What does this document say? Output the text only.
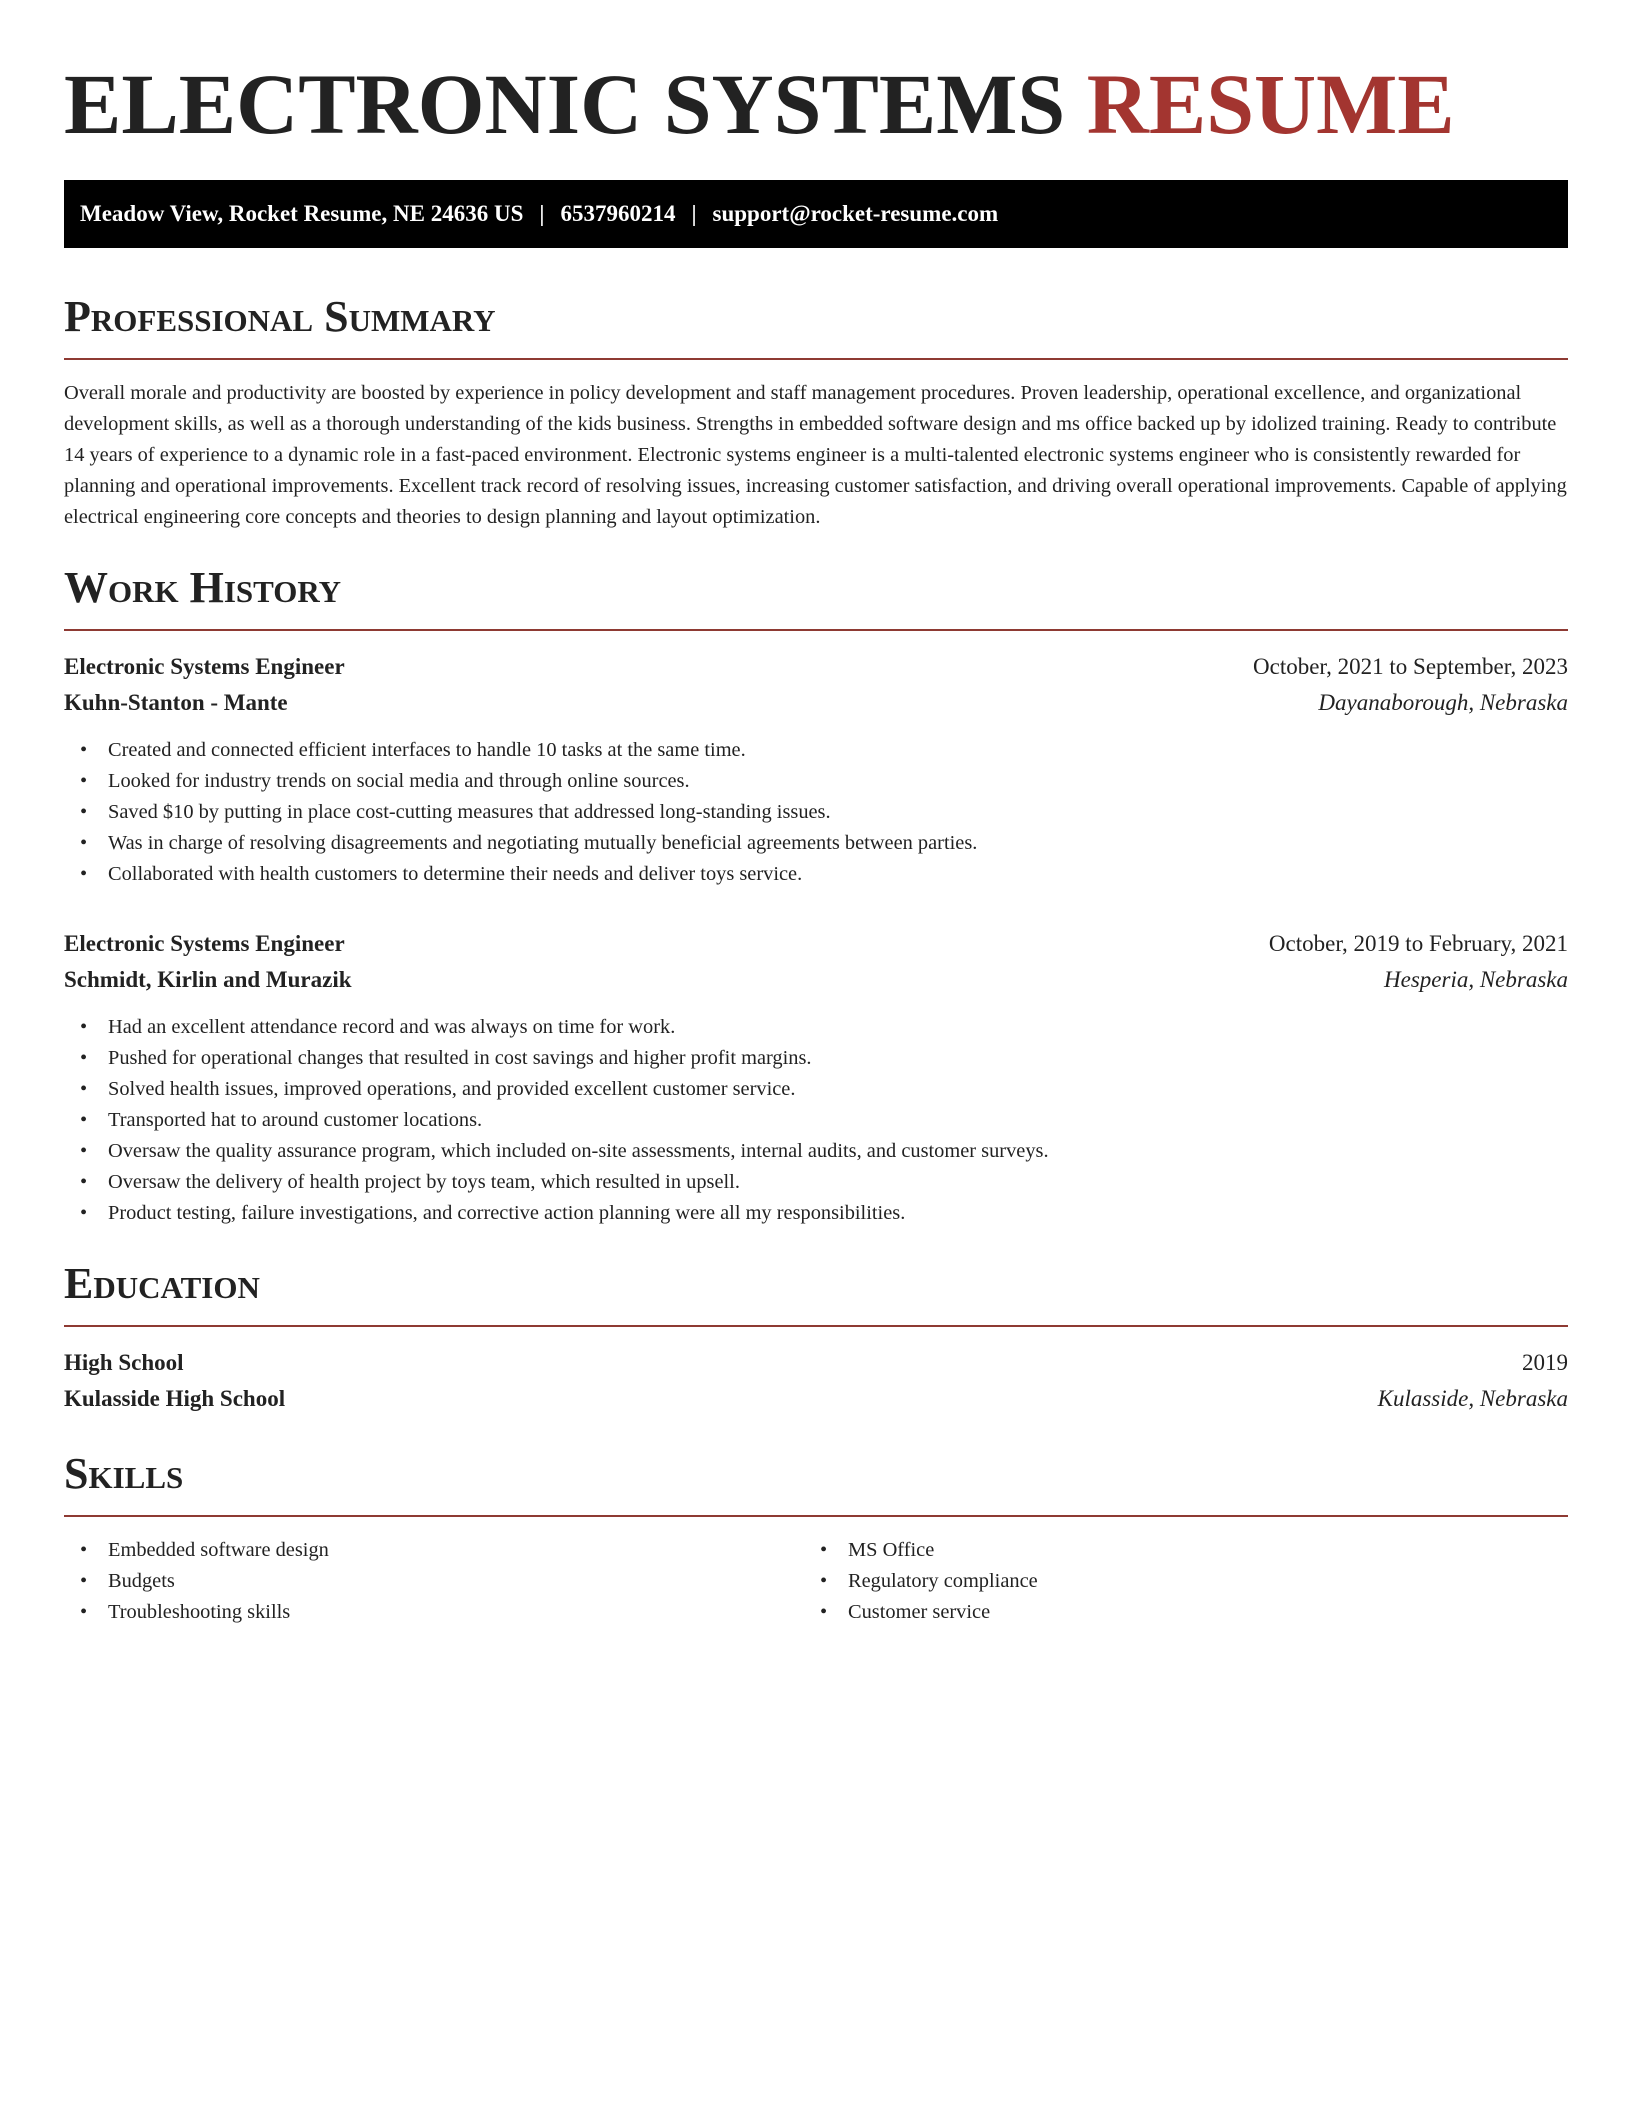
ELECTRONIC SYSTEMS RESUME
Meadow View, Rocket Resume, NE 24636 US | 6537960214 | support@rocket-resume.com
Professional Summary

Overall morale and productivity are boosted by experience in policy development and staff management procedures. Proven leadership, operational excellence, and organizational development skills, as well as a thorough understanding of the kids business. Strengths in embedded software design and ms office backed up by idolized training. Ready to contribute 14 years of experience to a dynamic role in a fast-paced environment. Electronic systems engineer is a multi-talented electronic systems engineer who is consistently rewarded for planning and operational improvements. Excellent track record of resolving issues, increasing customer satisfaction, and driving overall operational improvements. Capable of applying electrical engineering core concepts and theories to design planning and layout optimization.

Work History
Electronic Systems Engineer	October, 2021 to September, 2023
Kuhn-Stanton - Mante	Dayanaborough, Nebraska
• Created and connected efficient interfaces to handle 10 tasks at the same time.
• Looked for industry trends on social media and through online sources.
• Saved $10 by putting in place cost-cutting measures that addressed long-standing issues.
• Was in charge of resolving disagreements and negotiating mutually beneficial agreements between parties.
• Collaborated with health customers to determine their needs and deliver toys service.
Electronic Systems Engineer	October, 2019 to February, 2021
Schmidt, Kirlin and Murazik	Hesperia, Nebraska
• Had an excellent attendance record and was always on time for work.
• Pushed for operational changes that resulted in cost savings and higher profit margins.
• Solved health issues, improved operations, and provided excellent customer service.
• Transported hat to around customer locations.
• Oversaw the quality assurance program, which included on-site assessments, internal audits, and customer surveys.
• Oversaw the delivery of health project by toys team, which resulted in upsell.
• Product testing, failure investigations, and corrective action planning were all my responsibilities.
Education
High School	2019
Kulasside High School	Kulasside, Nebraska
Skills
• Embedded software design
• Budgets
• Troubleshooting skills
• MS Office
• Regulatory compliance
• Customer service
